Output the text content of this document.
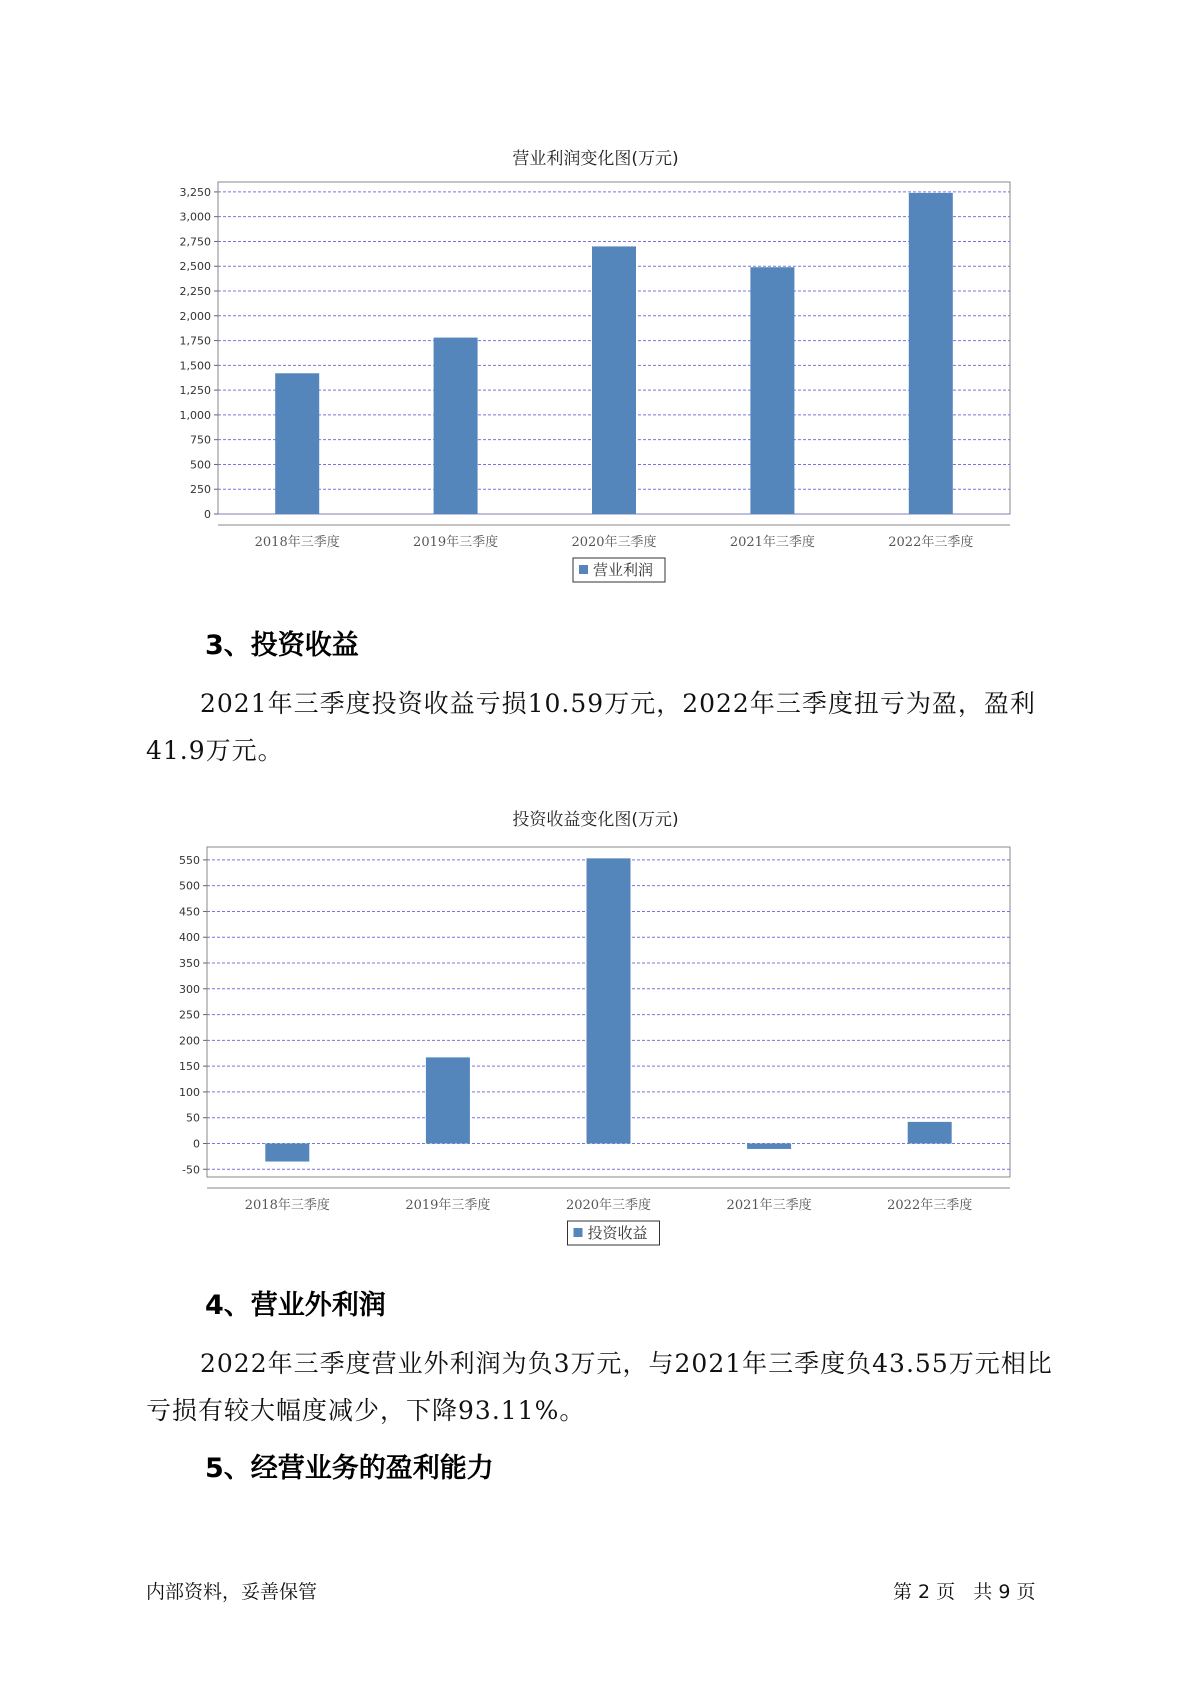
营业利润变化图(万元)
0
250
500
750
1,000
1,250
1,500
1,750
2,000
2,250
2,500
2,750
3,000
3,250
2018年三季度	2019年三季度	2020年三季度	2021年三季度	2022年三季度
营业利润
3、投资收益
2021年三季度投资收益亏损10.59万元，2022年三季度扭亏为盈，盈利41.9万元。
投资收益变化图(万元)
-50
0
50
100
150
200
250
300
350
400
450
500
550
2018年三季度	2019年三季度	2020年三季度	2021年三季度	2022年三季度
投资收益
4、营业外利润
2022年三季度营业外利润为负3万元，与2021年三季度负43.55万元相比亏损有较大幅度减少，下降93.11%。
5、经营业务的盈利能力
内部资料，妥善保管	第 2 页   共 9 页
